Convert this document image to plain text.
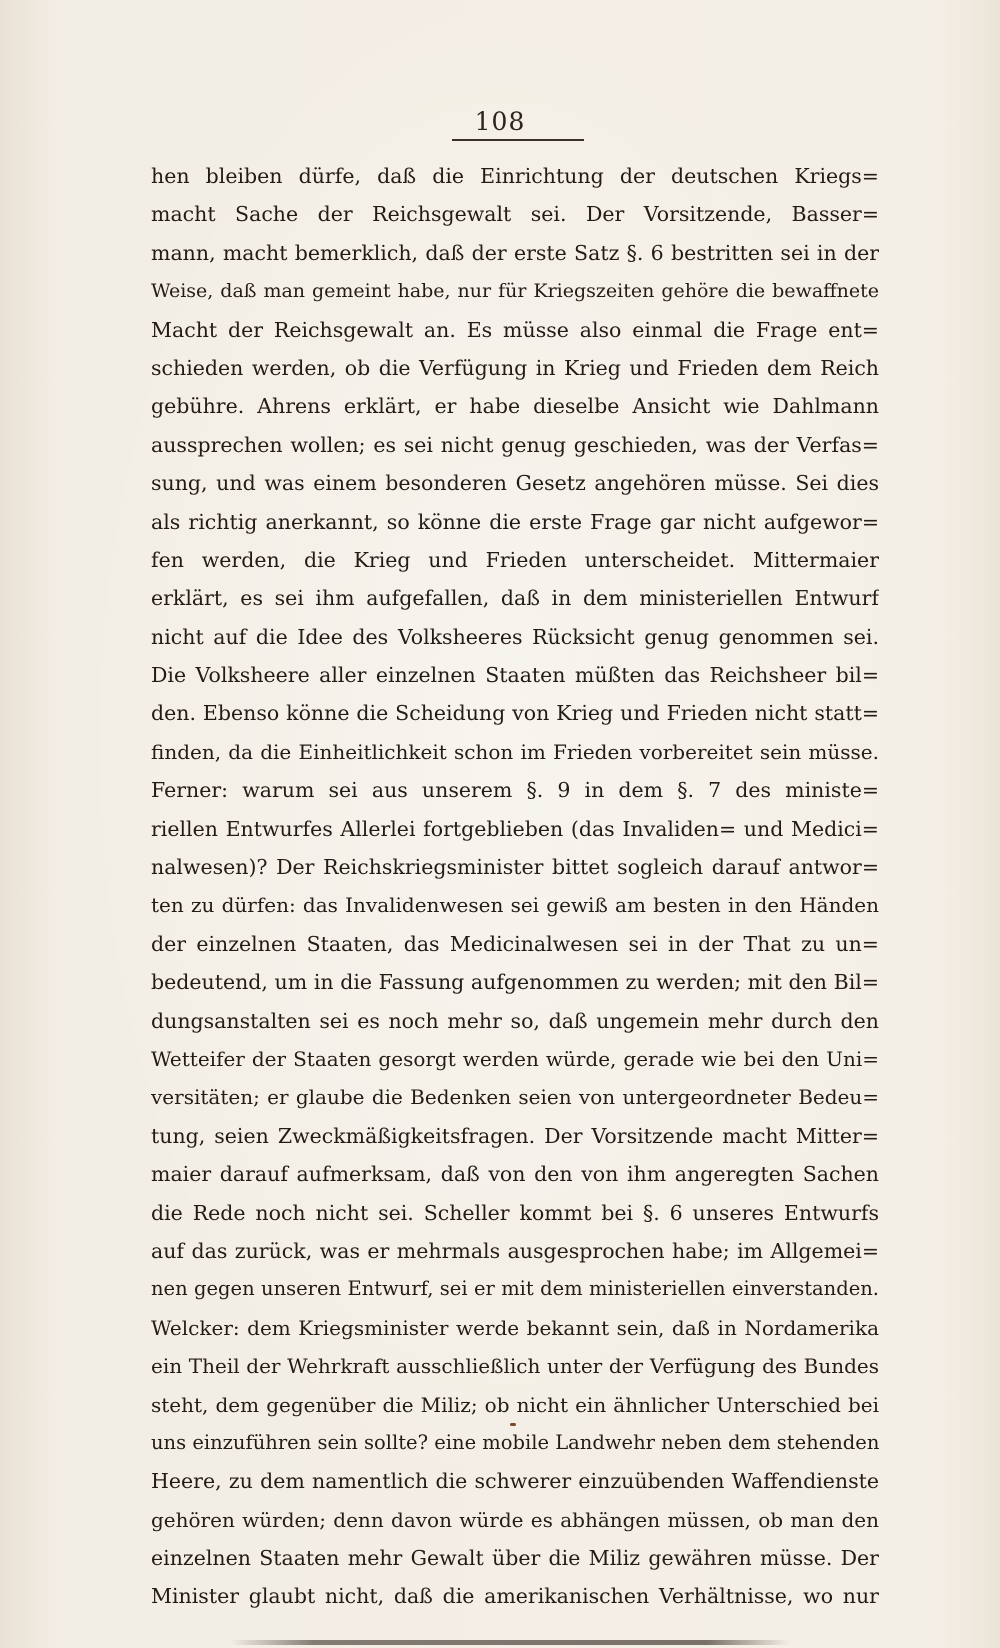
108
hen bleiben dürfe, daß die Einrichtung der deutschen Kriegs=
macht Sache der Reichsgewalt sei. Der Vorsitzende, Basser=
mann, macht bemerklich, daß der erste Satz §. 6 bestritten sei in der
Weise, daß man gemeint habe, nur für Kriegszeiten gehöre die bewaffnete
Macht der Reichsgewalt an. Es müsse also einmal die Frage ent=
schieden werden, ob die Verfügung in Krieg und Frieden dem Reich
gebühre. Ahrens erklärt, er habe dieselbe Ansicht wie Dahlmann
aussprechen wollen; es sei nicht genug geschieden, was der Verfas=
sung, und was einem besonderen Gesetz angehören müsse. Sei dies
als richtig anerkannt, so könne die erste Frage gar nicht aufgewor=
fen werden, die Krieg und Frieden unterscheidet. Mittermaier
erklärt, es sei ihm aufgefallen, daß in dem ministeriellen Entwurf
nicht auf die Idee des Volksheeres Rücksicht genug genommen sei.
Die Volksheere aller einzelnen Staaten müßten das Reichsheer bil=
den. Ebenso könne die Scheidung von Krieg und Frieden nicht statt=
finden, da die Einheitlichkeit schon im Frieden vorbereitet sein müsse.
Ferner: warum sei aus unserem §. 9 in dem §. 7 des ministe=
riellen Entwurfes Allerlei fortgeblieben (das Invaliden= und Medici=
nalwesen)? Der Reichskriegsminister bittet sogleich darauf antwor=
ten zu dürfen: das Invalidenwesen sei gewiß am besten in den Händen
der einzelnen Staaten, das Medicinalwesen sei in der That zu un=
bedeutend, um in die Fassung aufgenommen zu werden; mit den Bil=
dungsanstalten sei es noch mehr so, daß ungemein mehr durch den
Wetteifer der Staaten gesorgt werden würde, gerade wie bei den Uni=
versitäten; er glaube die Bedenken seien von untergeordneter Bedeu=
tung, seien Zweckmäßigkeitsfragen. Der Vorsitzende macht Mitter=
maier darauf aufmerksam, daß von den von ihm angeregten Sachen
die Rede noch nicht sei. Scheller kommt bei §. 6 unseres Entwurfs
auf das zurück, was er mehrmals ausgesprochen habe; im Allgemei=
nen gegen unseren Entwurf, sei er mit dem ministeriellen einverstanden.
Welcker: dem Kriegsminister werde bekannt sein, daß in Nordamerika
ein Theil der Wehrkraft ausschließlich unter der Verfügung des Bundes
steht, dem gegenüber die Miliz; ob nicht ein ähnlicher Unterschied bei
uns einzuführen sein sollte? eine mobile Landwehr neben dem stehenden
Heere, zu dem namentlich die schwerer einzuübenden Waffendienste
gehören würden; denn davon würde es abhängen müssen, ob man den
einzelnen Staaten mehr Gewalt über die Miliz gewähren müsse. Der
Minister glaubt nicht, daß die amerikanischen Verhältnisse, wo nur
